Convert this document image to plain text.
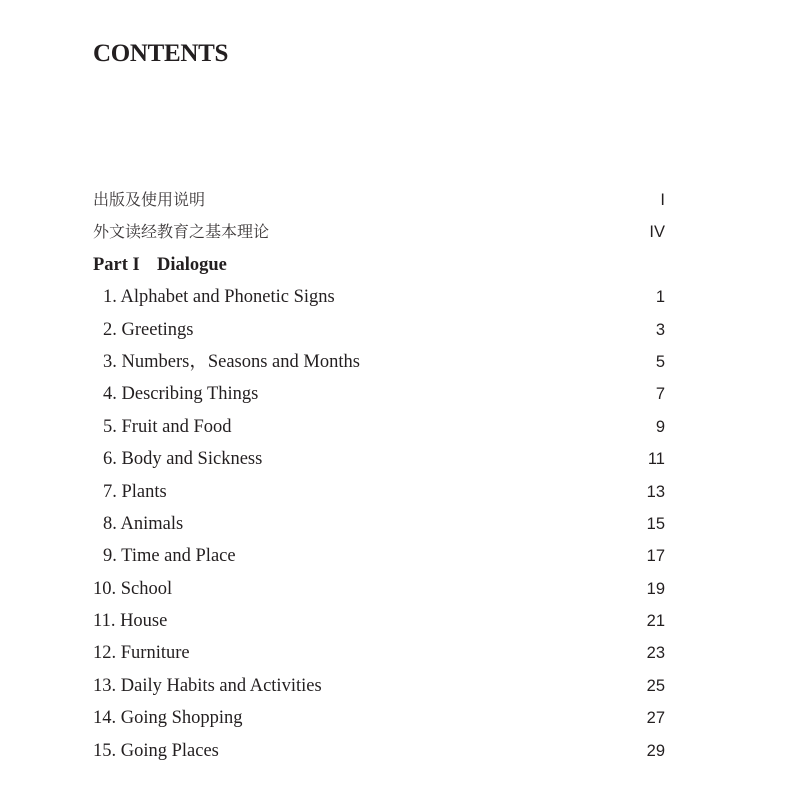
CONTENTS
出版及使用说明	I
外文读经教育之基本理论	IV
Part I Dialogue
1. Alphabet and Phonetic Signs	1
2. Greetings	3
3. Numbers，Seasons and Months	5
4. Describing Things	7
5. Fruit and Food	9
6. Body and Sickness	11
7. Plants	13
8. Animals	15
9. Time and Place	17
10. School	19
11. House	21
12. Furniture	23
13. Daily Habits and Activities	25
14. Going Shopping	27
15. Going Places	29
